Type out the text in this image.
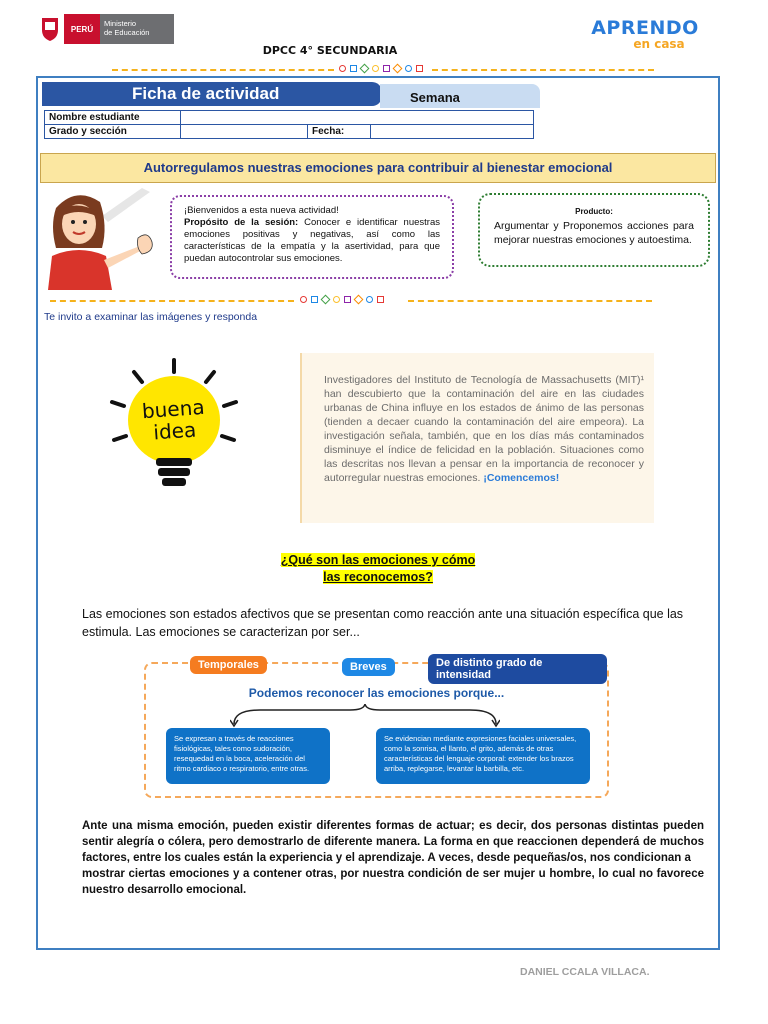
PERÚ
Ministerio
de Educación
DPCC 4° SECUNDARIA
APRENDO
en casa
Ficha de actividad	Semana
Nombre estudiante			
Grado y sección		Fecha:	
Autorregulamos nuestras emociones para contribuir al bienestar emocional
¡Bienvenidos a esta nueva actividad!
Propósito de la sesión: Conocer e identificar nuestras emociones positivas y negativas, así como las características de la empatía y la asertividad, para que puedan autocontrolar sus emociones.
Producto:
Argumentar y Proponemos acciones para mejorar nuestras emociones y autoestima.
Te invito a examinar las imágenes y responda
buena
idea
Investigadores del Instituto de Tecnología de Massachusetts (MIT)¹ han descubierto que la contaminación del aire en las ciudades urbanas de China influye en los estados de ánimo de las personas (tienden a decaer cuando la contaminación del aire empeora). La investigación señala, también, que en los días más contaminados disminuye el índice de felicidad en la población. Situaciones como las descritas nos llevan a pensar en la importancia de reconocer y autorregular nuestras emociones. ¡Comencemos!
¿Qué son las emociones y cómo
las reconocemos?
Las emociones son estados afectivos que se presentan como reacción ante una situación específica que las estimula. Las emociones se caracterizan por ser...
Temporales	Breves	De distinto grado de intensidad
Podemos reconocer las emociones porque...
Se expresan a través de reacciones fisiológicas, tales como sudoración, resequedad en la boca, aceleración del ritmo cardiaco o respiratorio, entre otras.
Se evidencian mediante expresiones faciales universales, como la sonrisa, el llanto, el grito, además de otras características del lenguaje corporal: extender los brazos arriba, replegarse, levantar la barbilla, etc.
Ante una misma emoción, pueden existir diferentes formas de actuar; es decir, dos personas distintas pueden sentir alegría o cólera, pero demostrarlo de diferente manera. La forma en que reaccionen dependerá de muchos factores, entre los cuales están la experiencia y el aprendizaje. A veces, desde pequeñas/os, nos condicionan a
mostrar ciertas emociones y a contener otras, por nuestra condición de ser mujer u hombre, lo cual no favorece nuestro desarrollo emocional.
DANIEL CCALA VILLACA.
